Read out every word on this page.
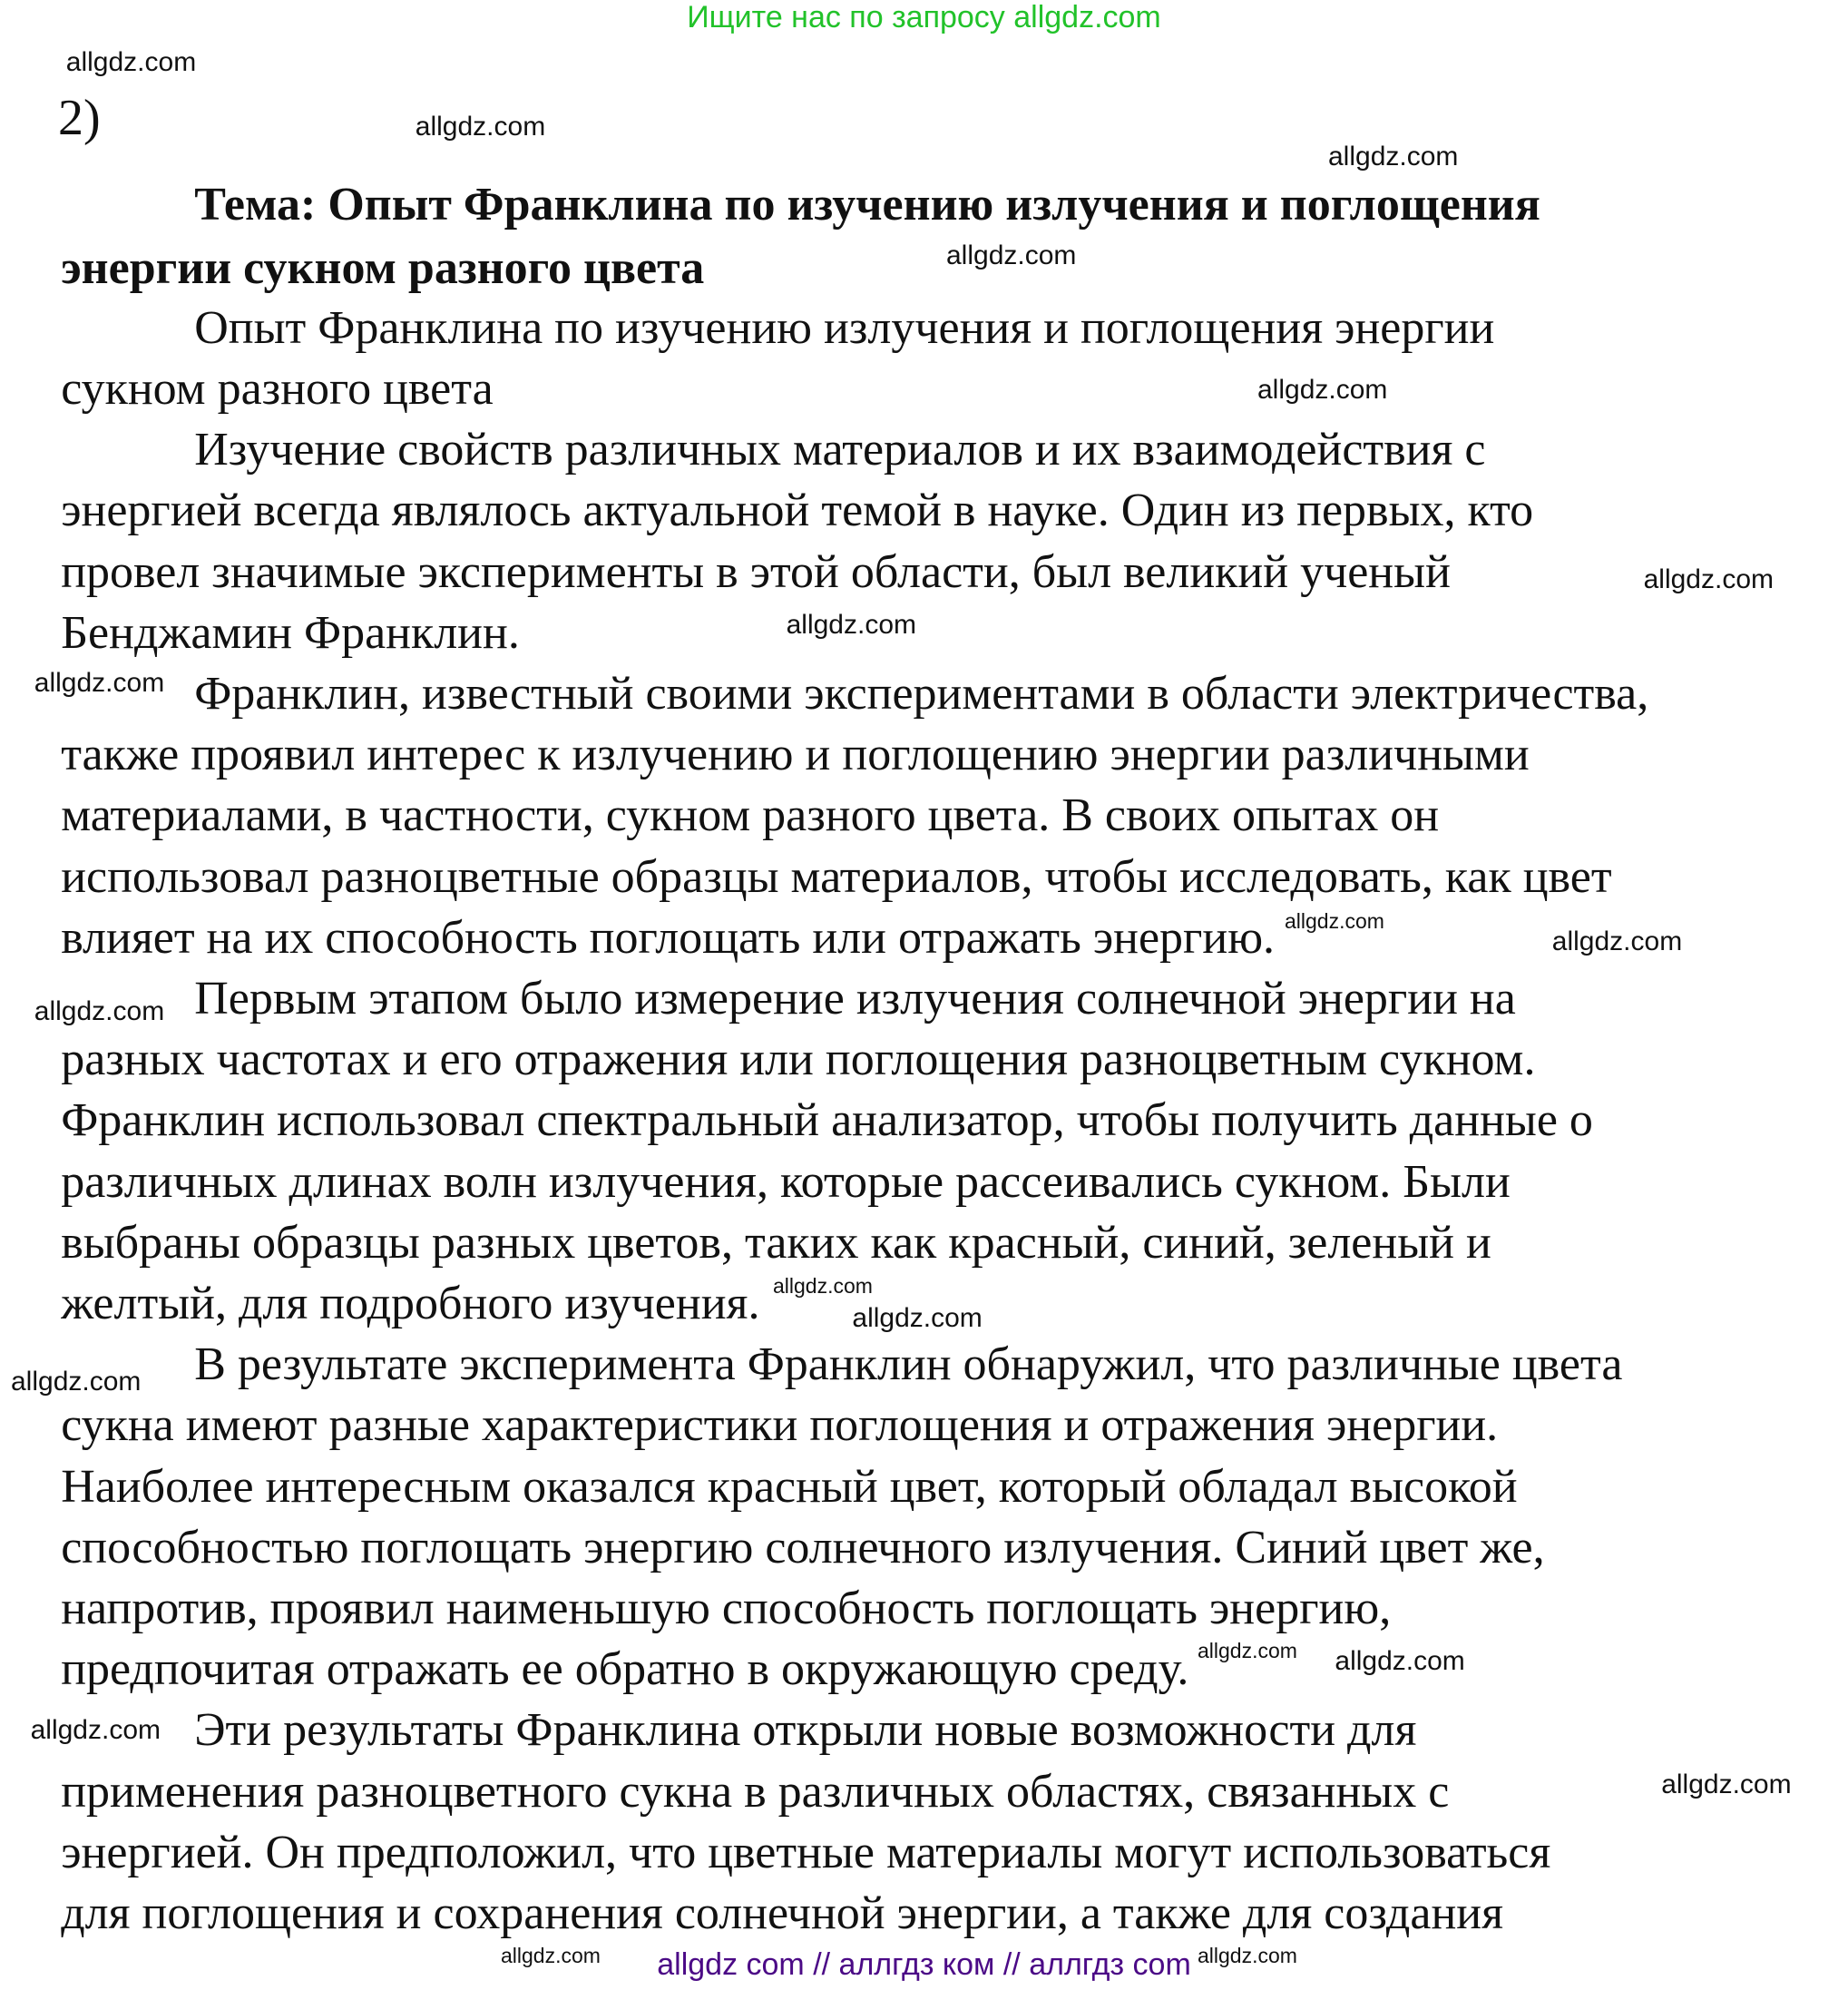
Ищите нас по запросу allgdz.com
2)
Тема: Опыт Франклина по изучению излучения и поглощения
энергии сукном разного цвета
Опыт Франклина по изучению излучения и поглощения энергии
сукном разного цвета
Изучение свойств различных материалов и их взаимодействия с
энергией всегда являлось актуальной темой в науке. Один из первых, кто
провел значимые эксперименты в этой области, был великий ученый
Бенджамин Франклин.
Франклин, известный своими экспериментами в области электричества,
также проявил интерес к излучению и поглощению энергии различными
материалами, в частности, сукном разного цвета. В своих опытах он
использовал разноцветные образцы материалов, чтобы исследовать, как цвет
влияет на их способность поглощать или отражать энергию.
Первым этапом было измерение излучения солнечной энергии на
разных частотах и его отражения или поглощения разноцветным сукном.
Франклин использовал спектральный анализатор, чтобы получить данные о
различных длинах волн излучения, которые рассеивались сукном. Были
выбраны образцы разных цветов, таких как красный, синий, зеленый и
желтый, для подробного изучения.
В результате эксперимента Франклин обнаружил, что различные цвета
сукна имеют разные характеристики поглощения и отражения энергии.
Наиболее интересным оказался красный цвет, который обладал высокой
способностью поглощать энергию солнечного излучения. Синий цвет же,
напротив, проявил наименьшую способность поглощать энергию,
предпочитая отражать ее обратно в окружающую среду.
Эти результаты Франклина открыли новые возможности для
применения разноцветного сукна в различных областях, связанных с
энергией. Он предположил, что цветные материалы могут использоваться
для поглощения и сохранения солнечной энергии, а также для создания
allgdz.com
allgdz.com
allgdz.com
allgdz.com
allgdz.com
allgdz.com
allgdz.com
allgdz.com
allgdz.com
allgdz.com
allgdz.com
allgdz.com
allgdz.com
allgdz.com
allgdz.com allgdz.com
allgdz.com
allgdz.com
allgdz.com	allgdz.com
allgdz com // аллгдз ком // аллгдз com
